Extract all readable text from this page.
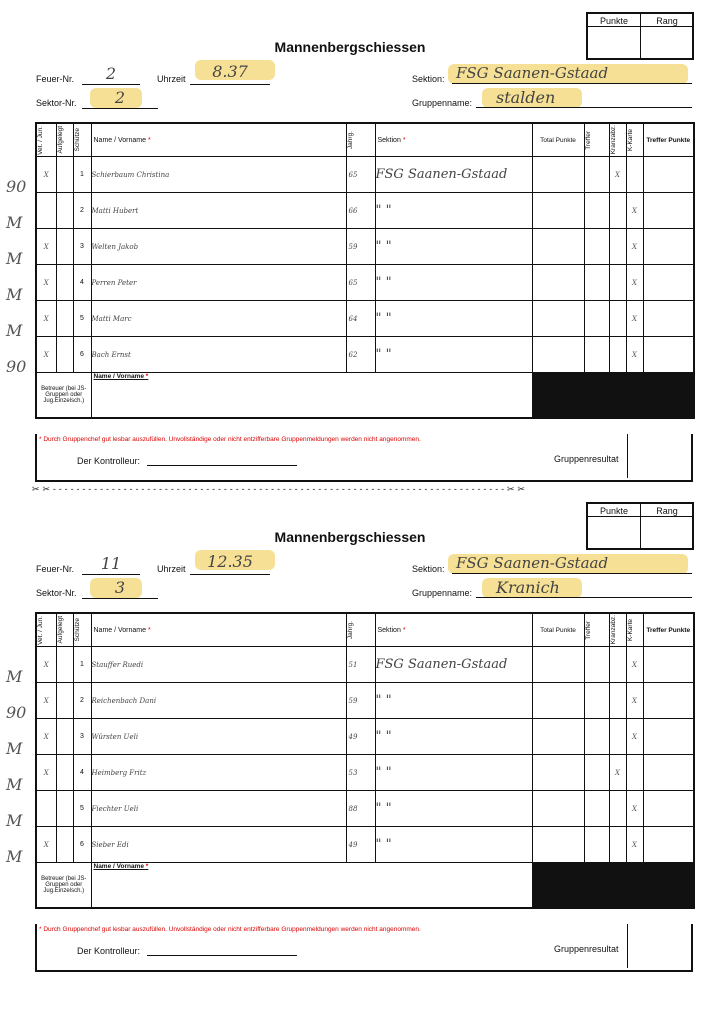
Punkte	Rang
Mannenbergschiessen
Feuer-Nr.	2	Uhrzeit	8.37	Sektion: FSG Saanen-Gstaad
Sektor-Nr.	2	Gruppenname:	stalden
90
M
M
M
M
90
Vet. / Jun.	Aufgelegt	Schütze	Name / Vorname *	Jahrg.	Sektion *	Total Punkte	Treffer	Kranzabz.	K-Karte	Treffer Punkte
X		1	Schierbaum Christina	65	FSG Saanen-Gstaad			X		
		2	Matti Hubert	66	" "				X	
X		3	Welten Jakob	59	" "				X	
X		4	Perren Peter	65	" "				X	
X		5	Matti Marc	64	" "				X	
X		6	Bach Ernst	62	" "				X	
Betreuer (bei JS-Gruppen oder Jug.Einzelsch.)			Name / Vorname *							
* Durch Gruppenchef gut lesbar auszufüllen. Unvollständige oder nicht entzifferbare Gruppenmeldungen werden nicht angenommen.
Der Kontrolleur:	Gruppenresultat
✂ ✂ - - - - - - - - - - - - - - - - - - - - - - - - - - - - - - - - - - - - - - - - - - - - - - - - - - - - - - - - - - - - - - - - - - - - - - - - - - - - - ✂ ✂
Punkte	Rang
Mannenbergschiessen
Feuer-Nr.	11	Uhrzeit	12.35	Sektion: FSG Saanen-Gstaad
Sektor-Nr.	3	Gruppenname:	Kranich
M
90
M
M
M
M
Vet. / Jun.	Aufgelegt	Schütze	Name / Vorname *	Jahrg.	Sektion *	Total Punkte	Treffer	Kranzabz.	K-Karte	Treffer Punkte
X		1	Stauffer Ruedi	51	FSG Saanen-Gstaad				X	
X		2	Reichenbach Dani	59	" "				X	
X		3	Würsten Ueli	49	" "				X	
X		4	Heimberg Fritz	53	" "			X		
		5	Fiechter Ueli	88	" "				X	
X		6	Sieber Edi	49	" "				X	
Betreuer (bei JS-Gruppen oder Jug.Einzelsch.)			Name / Vorname *							
* Durch Gruppenchef gut lesbar auszufüllen. Unvollständige oder nicht entzifferbare Gruppenmeldungen werden nicht angenommen.
Der Kontrolleur:	Gruppenresultat
